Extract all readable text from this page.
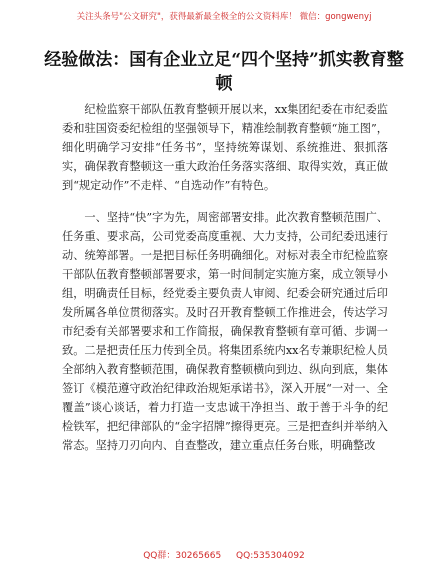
关注头条号"公文研究"，获得最新最全极全的公文资料库！ 微信：gongwenyj
经验做法：国有企业立足“四个坚持”抓实教育整顿

纪检监察干部队伍教育整顿开展以来，xx集团纪委在市纪委监委和驻国资委纪检组的坚强领导下，精准绘制教育整顿“施工图”，细化明确学习安排“任务书”，坚持统筹谋划、系统推进、狠抓落实，确保教育整顿这一重大政治任务落实落细、取得实效，真正做到“规定动作”不走样、“自选动作”有特色。

一、坚持“快”字为先，周密部署安排。此次教育整顿范围广、任务重、要求高，公司党委高度重视、大力支持，公司纪委迅速行动、统筹部署。一是把目标任务明确细化。对标对表全市纪检监察干部队伍教育整顿部署要求，第一时间制定实施方案，成立领导小组，明确责任目标，经党委主要负责人审阅、纪委会研究通过后印发所属各单位贯彻落实。及时召开教育整顿工作推进会，传达学习市纪委有关部署要求和工作简报，确保教育整顿有章可循、步调一致。二是把责任压力传到全员。将集团系统内xx名专兼职纪检人员全部纳入教育整顿范围，确保教育整顿横向到边、纵向到底，集体签订《模范遵守政治纪律政治规矩承诺书》，深入开展“一对一、全覆盖”谈心谈话，着力打造一支忠诚干净担当、敢于善于斗争的纪检铁军，把纪律部队的“金字招牌”擦得更亮。三是把查纠并举纳入常态。坚持刀刃向内、自查整改，建立重点任务台账，明确整改

QQ群：30265665 QQ:535304092
